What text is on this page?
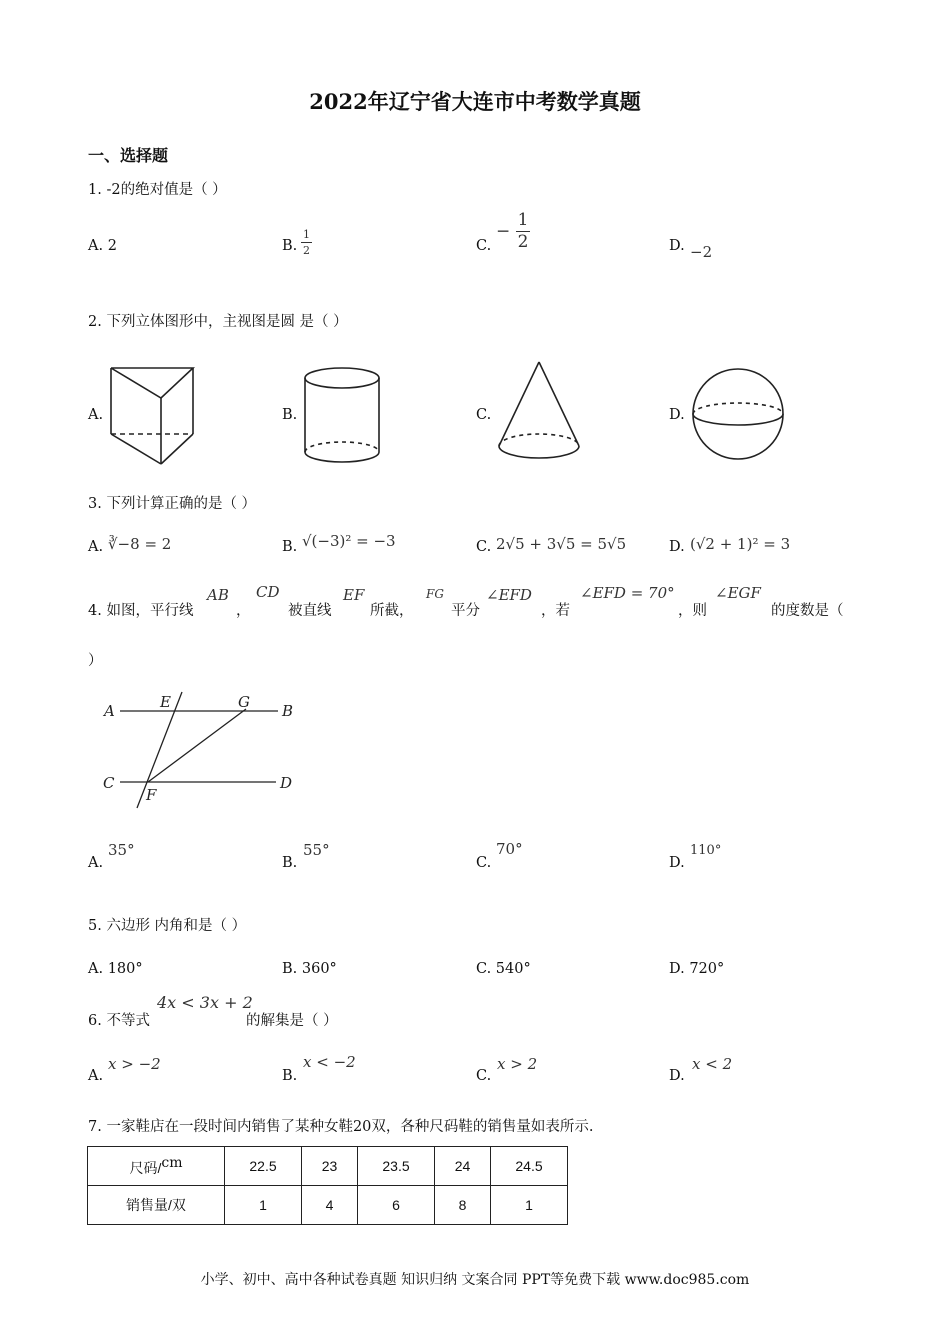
2022年辽宁省大连市中考数学真题
一、选择题
1. -2的绝对值是（ ）
A. 2	B. $\frac{1}{2}$	C.
− $\frac{1}{2}$	D. −2
2. 下列立体图形中，主视图是圆 是（ ）
A.	B.	C.	D.
3. 下列计算正确的是（ ）
A. ∛−8 = 2	B. √(−3)² = −3	C. 2√5 + 3√5 = 5√5	D. (√2 + 1)² = 3
4. 如图，平行线
AB
，
CD
被直线
EF
所截，
FG
平分
∠EFD
，若
∠EFD = 70°
，则
∠EGF
的度数是（
）
A	E	G B
C
F
D
A.
35°
B.
55°
C.
70°
D.
110°
5. 六边形 内角和是（ ）
A. 180°	B. 360°	C. 540°	D. 720°
6. 不等式
4x < 3x + 2
的解集是（ ）
A.
x > −2
B.
x < −2
C.
x > 2
D.
x < 2
7. 一家鞋店在一段时间内销售了某种女鞋20双，各种尺码鞋的销售量如表所示.
尺码/cm	22.5	23	23.5	24	24.5
销售量/双	1	4	6	8	1
小学、初中、高中各种试卷真题 知识归纳 文案合同 PPT等免费下载 www.doc985.com
